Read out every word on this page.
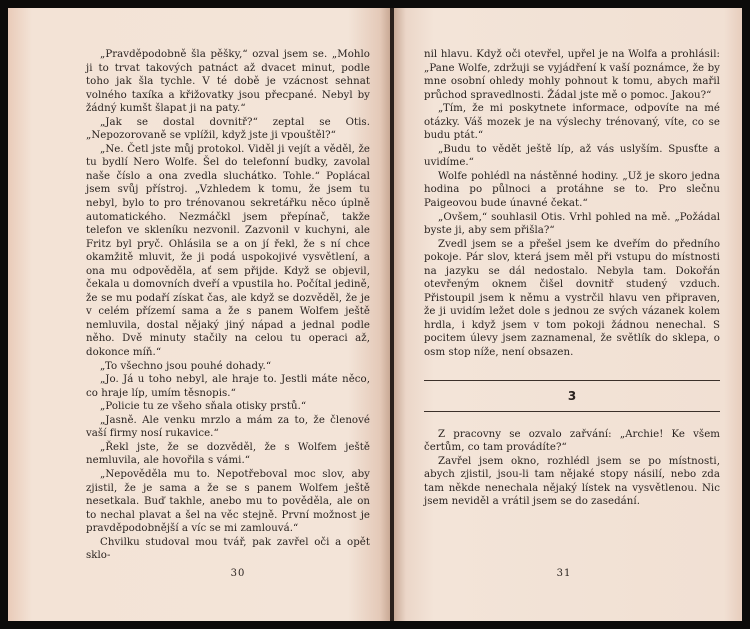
„Pravděpodobně šla pěšky,“ ozval jsem se. „Mohlo ji to trvat takových patnáct až dvacet minut, podle toho jak šla tychle. V té době je vzácnost sehnat volného taxíka a křižovatky jsou přecpané. Nebyl by žádný kumšt šlapat ji na paty.“

„Jak se dostal dovnitř?“ zeptal se Otis. „Nepozorovaně se vplížil, když jste ji vpouštěl?“

„Ne. Četl jste můj protokol. Viděl ji vejít a věděl, že tu bydlí Nero Wolfe. Šel do telefonní budky, zavolal naše číslo a ona zvedla sluchátko. Tohle.“ Poplácal jsem svůj přístroj. „Vzhledem k tomu, že jsem tu nebyl, bylo to pro trénovanou sekretářku něco úplně automatického. Nezmáčkl jsem přepínač, takže telefon ve skleníku nezvonil. Zazvonil v kuchyni, ale Fritz byl pryč. Ohlásila se a on jí řekl, že s ní chce okamžitě mluvit, že ji podá uspokojivé vysvětlení, a ona mu odpověděla, ať sem přijde. Když se objevil, čekala u domovních dveří a vpustila ho. Počítal jedině, že se mu podaří získat čas, ale když se dozvěděl, že je v celém přízemí sama a že s panem Wolfem ještě nemluvila, dostal nějaký jiný nápad a jednal podle něho. Dvě minuty stačily na celou tu operaci až, dokonce míň.“

„To všechno jsou pouhé dohady.“

„Jo. Já u toho nebyl, ale hraje to. Jestli máte něco, co hraje líp, umím těsnopis.“

„Policie tu ze všeho sňala otisky prstů.“

„Jasně. Ale venku mrzlo a mám za to, že členové vaší firmy nosí rukavice.“

„Řekl jste, že se dozvěděl, že s Wolfem ještě nemluvila, ale hovořila s vámi.“

„Nepověděla mu to. Nepotřeboval moc slov, aby zjistil, že je sama a že se s panem Wolfem ještě nesetkala. Buď takhle, anebo mu to pověděla, ale on to nechal plavat a šel na věc stejně. První možnost je pravděpodobnější a víc se mi zamlouvá.“

Chvilku studoval mou tvář, pak zavřel oči a opět sklo-

30

nil hlavu. Když oči otevřel, upřel je na Wolfa a prohlásil: „Pane Wolfe, zdržuji se vyjádření k vaší poznámce, že by mne osobní ohledy mohly pohnout k tomu, abych mařil průchod spravedlnosti. Žádal jste mě o pomoc. Jakou?“

„Tím, že mi poskytnete informace, odpovíte na mé otázky. Váš mozek je na výslechy trénovaný, víte, co se budu ptát.“

„Budu to vědět ještě líp, až vás uslyším. Spusťte a uvidíme.“

Wolfe pohlédl na nástěnné hodiny. „Už je skoro jedna hodina po půlnoci a protáhne se to. Pro slečnu Paigeovou bude únavné čekat.“

„Ovšem,“ souhlasil Otis. Vrhl pohled na mě. „Požádal byste ji, aby sem přišla?“

Zvedl jsem se a přešel jsem ke dveřím do předního pokoje. Pár slov, která jsem měl při vstupu do místnosti na jazyku se dál nedostalo. Nebyla tam. Dokořán otevřeným oknem čišel dovnitř studený vzduch. Přistoupil jsem k němu a vystrčil hlavu ven připraven, že ji uvidím ležet dole s jednou ze svých vázanek kolem hrdla, i když jsem v tom pokoji žádnou nenechal. S pocitem úlevy jsem zaznamenal, že světlík do sklepa, o osm stop níže, není obsazen.

3

Z pracovny se ozvalo zařvání: „Archie! Ke všem čertům, co tam provádíte?“

Zavřel jsem okno, rozhlédl jsem se po místnosti, abych zjistil, jsou-li tam nějaké stopy násilí, nebo zda tam někde nenechala nějaký lístek na vysvětlenou. Nic jsem neviděl a vrátil jsem se do zasedání.

31
